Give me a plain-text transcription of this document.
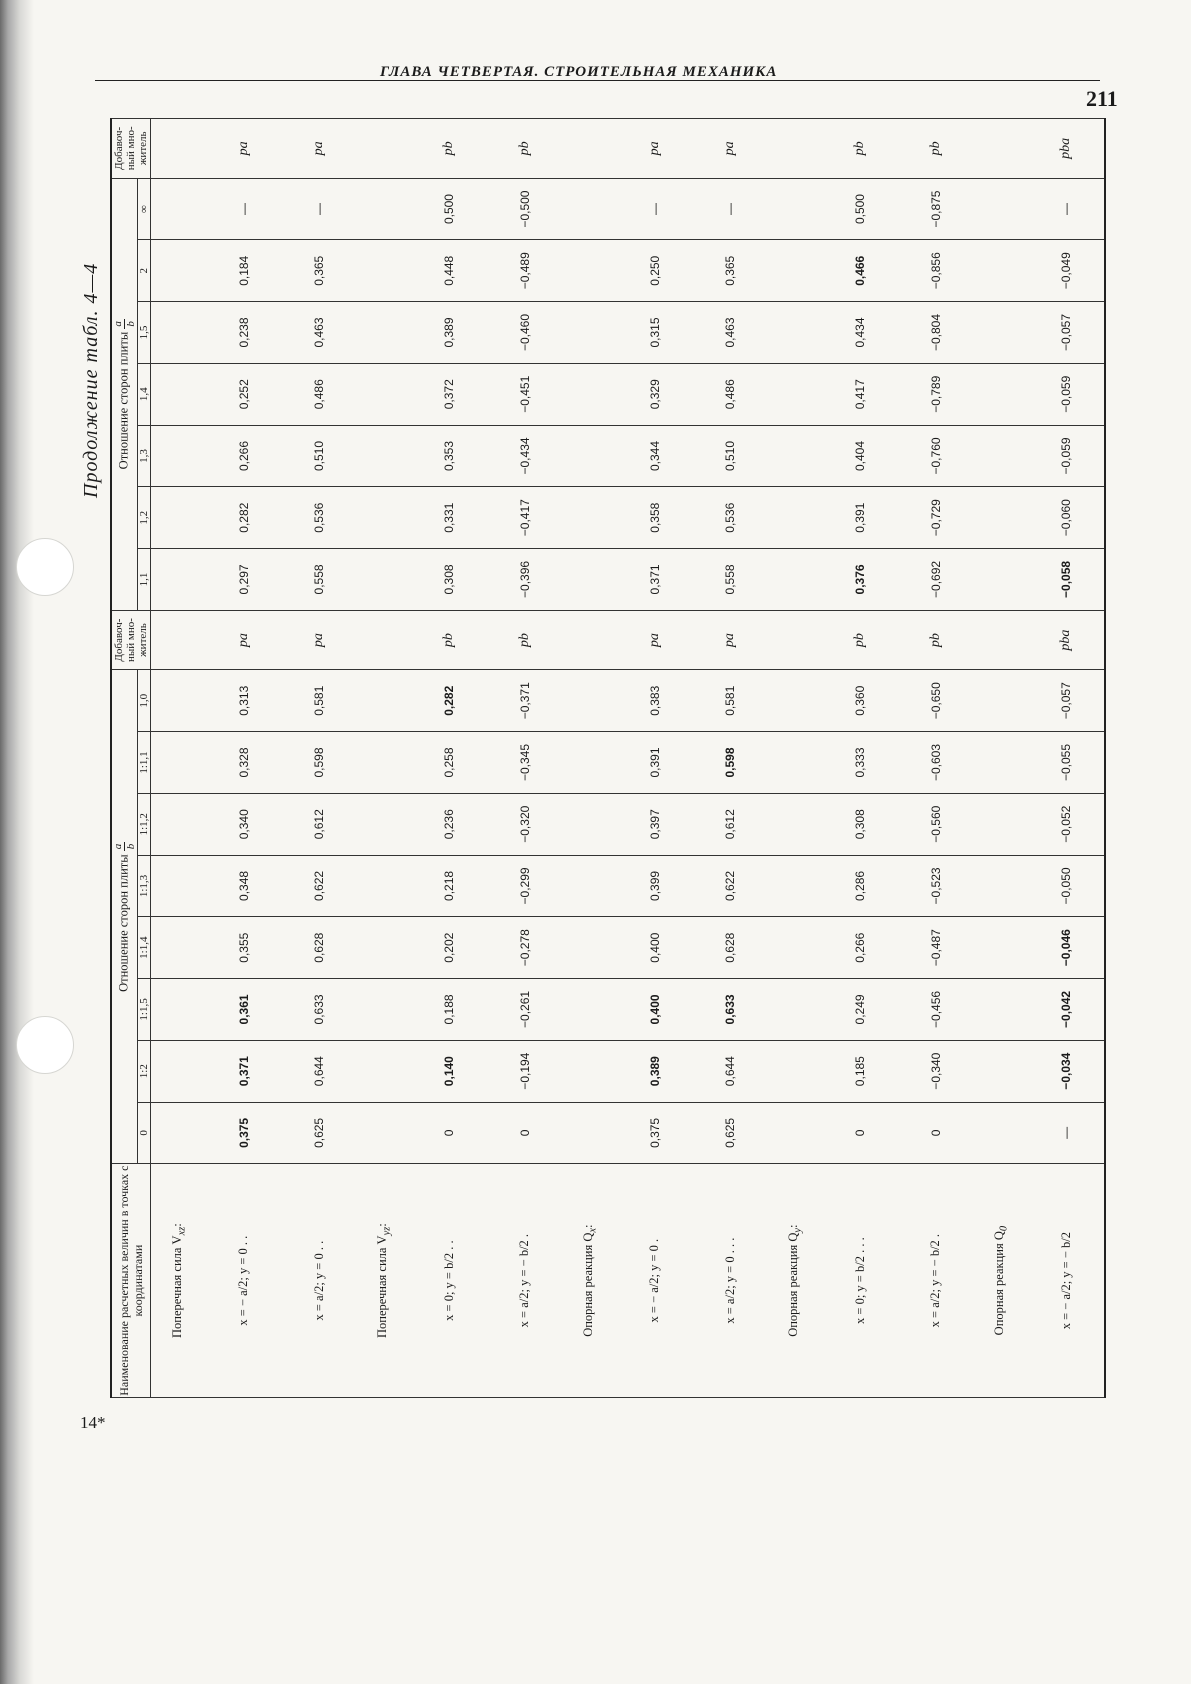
ГЛАВА ЧЕТВЕРТАЯ. СТРОИТЕЛЬНАЯ МЕХАНИКА
211
Продолжение табл. 4—4
Наименование расчетных величин в точках с координатами	Отношение сторон плиты
a b								Добавоч-ный мно-житель	Отношение сторон плиты
a b							Добавоч-ный мно-житель
	0	1:2	1:1,5	1:1,4	1:1,3	1:1,2	1:1,1	1,0		1,1	1,2	1,3	1,4	1,5	2	∞	
Поперечная сила $V_{xz}$:																	
x = − a/2; y = 0 . .	0,375	0,371	0,361	0,355	0,348	0,340	0,328	0,313	pa	0,297	0,282	0,266	0,252	0,238	0,184	—	pa
x = a/2; y = 0 . .	0,625	0,644	0,633	0,628	0,622	0,612	0,598	0,581	pa	0,558	0,536	0,510	0,486	0,463	0,365	—	pa
Поперечная сила $V_{yz}$:																	
x = 0; y = b/2 . .	0	0,140	0,188	0,202	0,218	0,236	0,258	0,282	pb	0,308	0,331	0,353	0,372	0,389	0,448	0,500	pb
x = a/2; y = − b/2 .	0	−0,194	−0,261	−0,278	−0,299	−0,320	−0,345	−0,371	pb	−0,396	−0,417	−0,434	−0,451	−0,460	−0,489	−0,500	pb
Опорная реакция $Q_x$:																	
x = − a/2; y = 0 .	0,375	0,389	0,400	0,400	0,399	0,397	0,391	0,383	pa	0,371	0,358	0,344	0,329	0,315	0,250	—	pa
x = a/2; y = 0 . . .	0,625	0,644	0,633	0,628	0,622	0,612	0,598	0,581	pa	0,558	0,536	0,510	0,486	0,463	0,365	—	pa
Опорная реакция $Q_y$:																	
x = 0; y = b/2 . . .	0	0,185	0,249	0,266	0,286	0,308	0,333	0,360	pb	0,376	0,391	0,404	0,417	0,434	0,466	0,500	pb
x = a/2; y = − b/2 .	0	−0,340	−0,456	−0,487	−0,523	−0,560	−0,603	−0,650	pb	−0,692	−0,729	−0,760	−0,789	−0,804	−0,856	−0,875	pb
Опорная реакция $Q_0$																	
x = − a/2; y = − b/2	—	−0,034	−0,042	−0,046	−0,050	−0,052	−0,055	−0,057	pba	−0,058	−0,060	−0,059	−0,059	−0,057	−0,049	—	pba
14*
